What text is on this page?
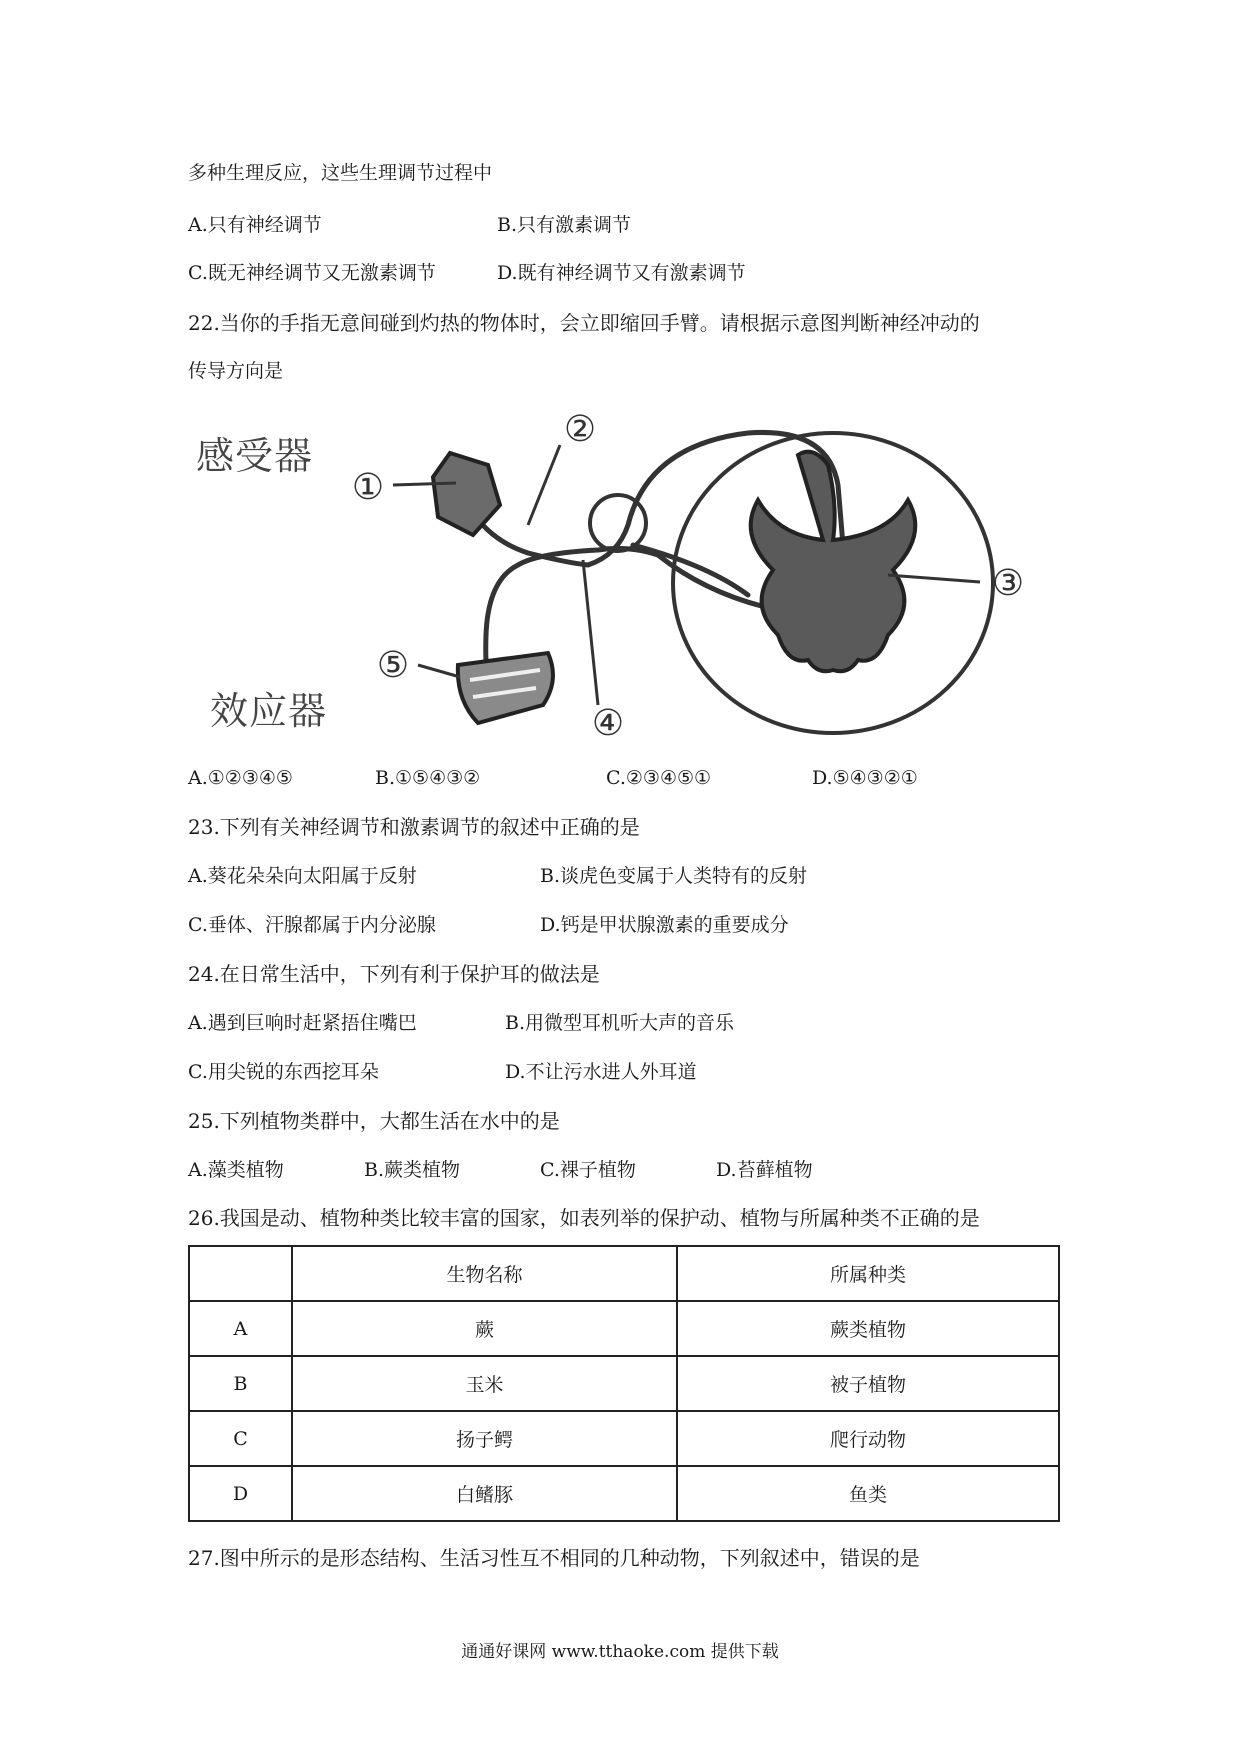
多种生理反应，这些生理调节过程中
A.只有神经调节	B.只有激素调节
C.既无神经调节又无激素调节	D.既有神经调节又有激素调节
22.当你的手指无意间碰到灼热的物体时，会立即缩回手臂。请根据示意图判断神经冲动的
传导方向是
感受器
效应器
①
②
③
④
⑤
A.①②③④⑤	B.①⑤④③②	C.②③④⑤①	D.⑤④③②①
23.下列有关神经调节和激素调节的叙述中正确的是
A.葵花朵朵向太阳属于反射	B.谈虎色变属于人类特有的反射
C.垂体、汗腺都属于内分泌腺	D.钙是甲状腺激素的重要成分
24.在日常生活中，下列有利于保护耳的做法是
A.遇到巨响时赶紧捂住嘴巴	B.用微型耳机听大声的音乐
C.用尖锐的东西挖耳朵	D.不让污水进人外耳道
25.下列植物类群中，大都生活在水中的是
A.藻类植物	B.蕨类植物	C.裸子植物	D.苔藓植物
26.我国是动、植物种类比较丰富的国家，如表列举的保护动、植物与所属种类不正确的是
	生物名称	所属种类
A	蕨	蕨类植物
B	玉米	被子植物
C	扬子鳄	爬行动物
D	白鳍豚	鱼类
27.图中所示的是形态结构、生活习性互不相同的几种动物，下列叙述中，错误的是
通通好课网 www.tthaoke.com 提供下载
